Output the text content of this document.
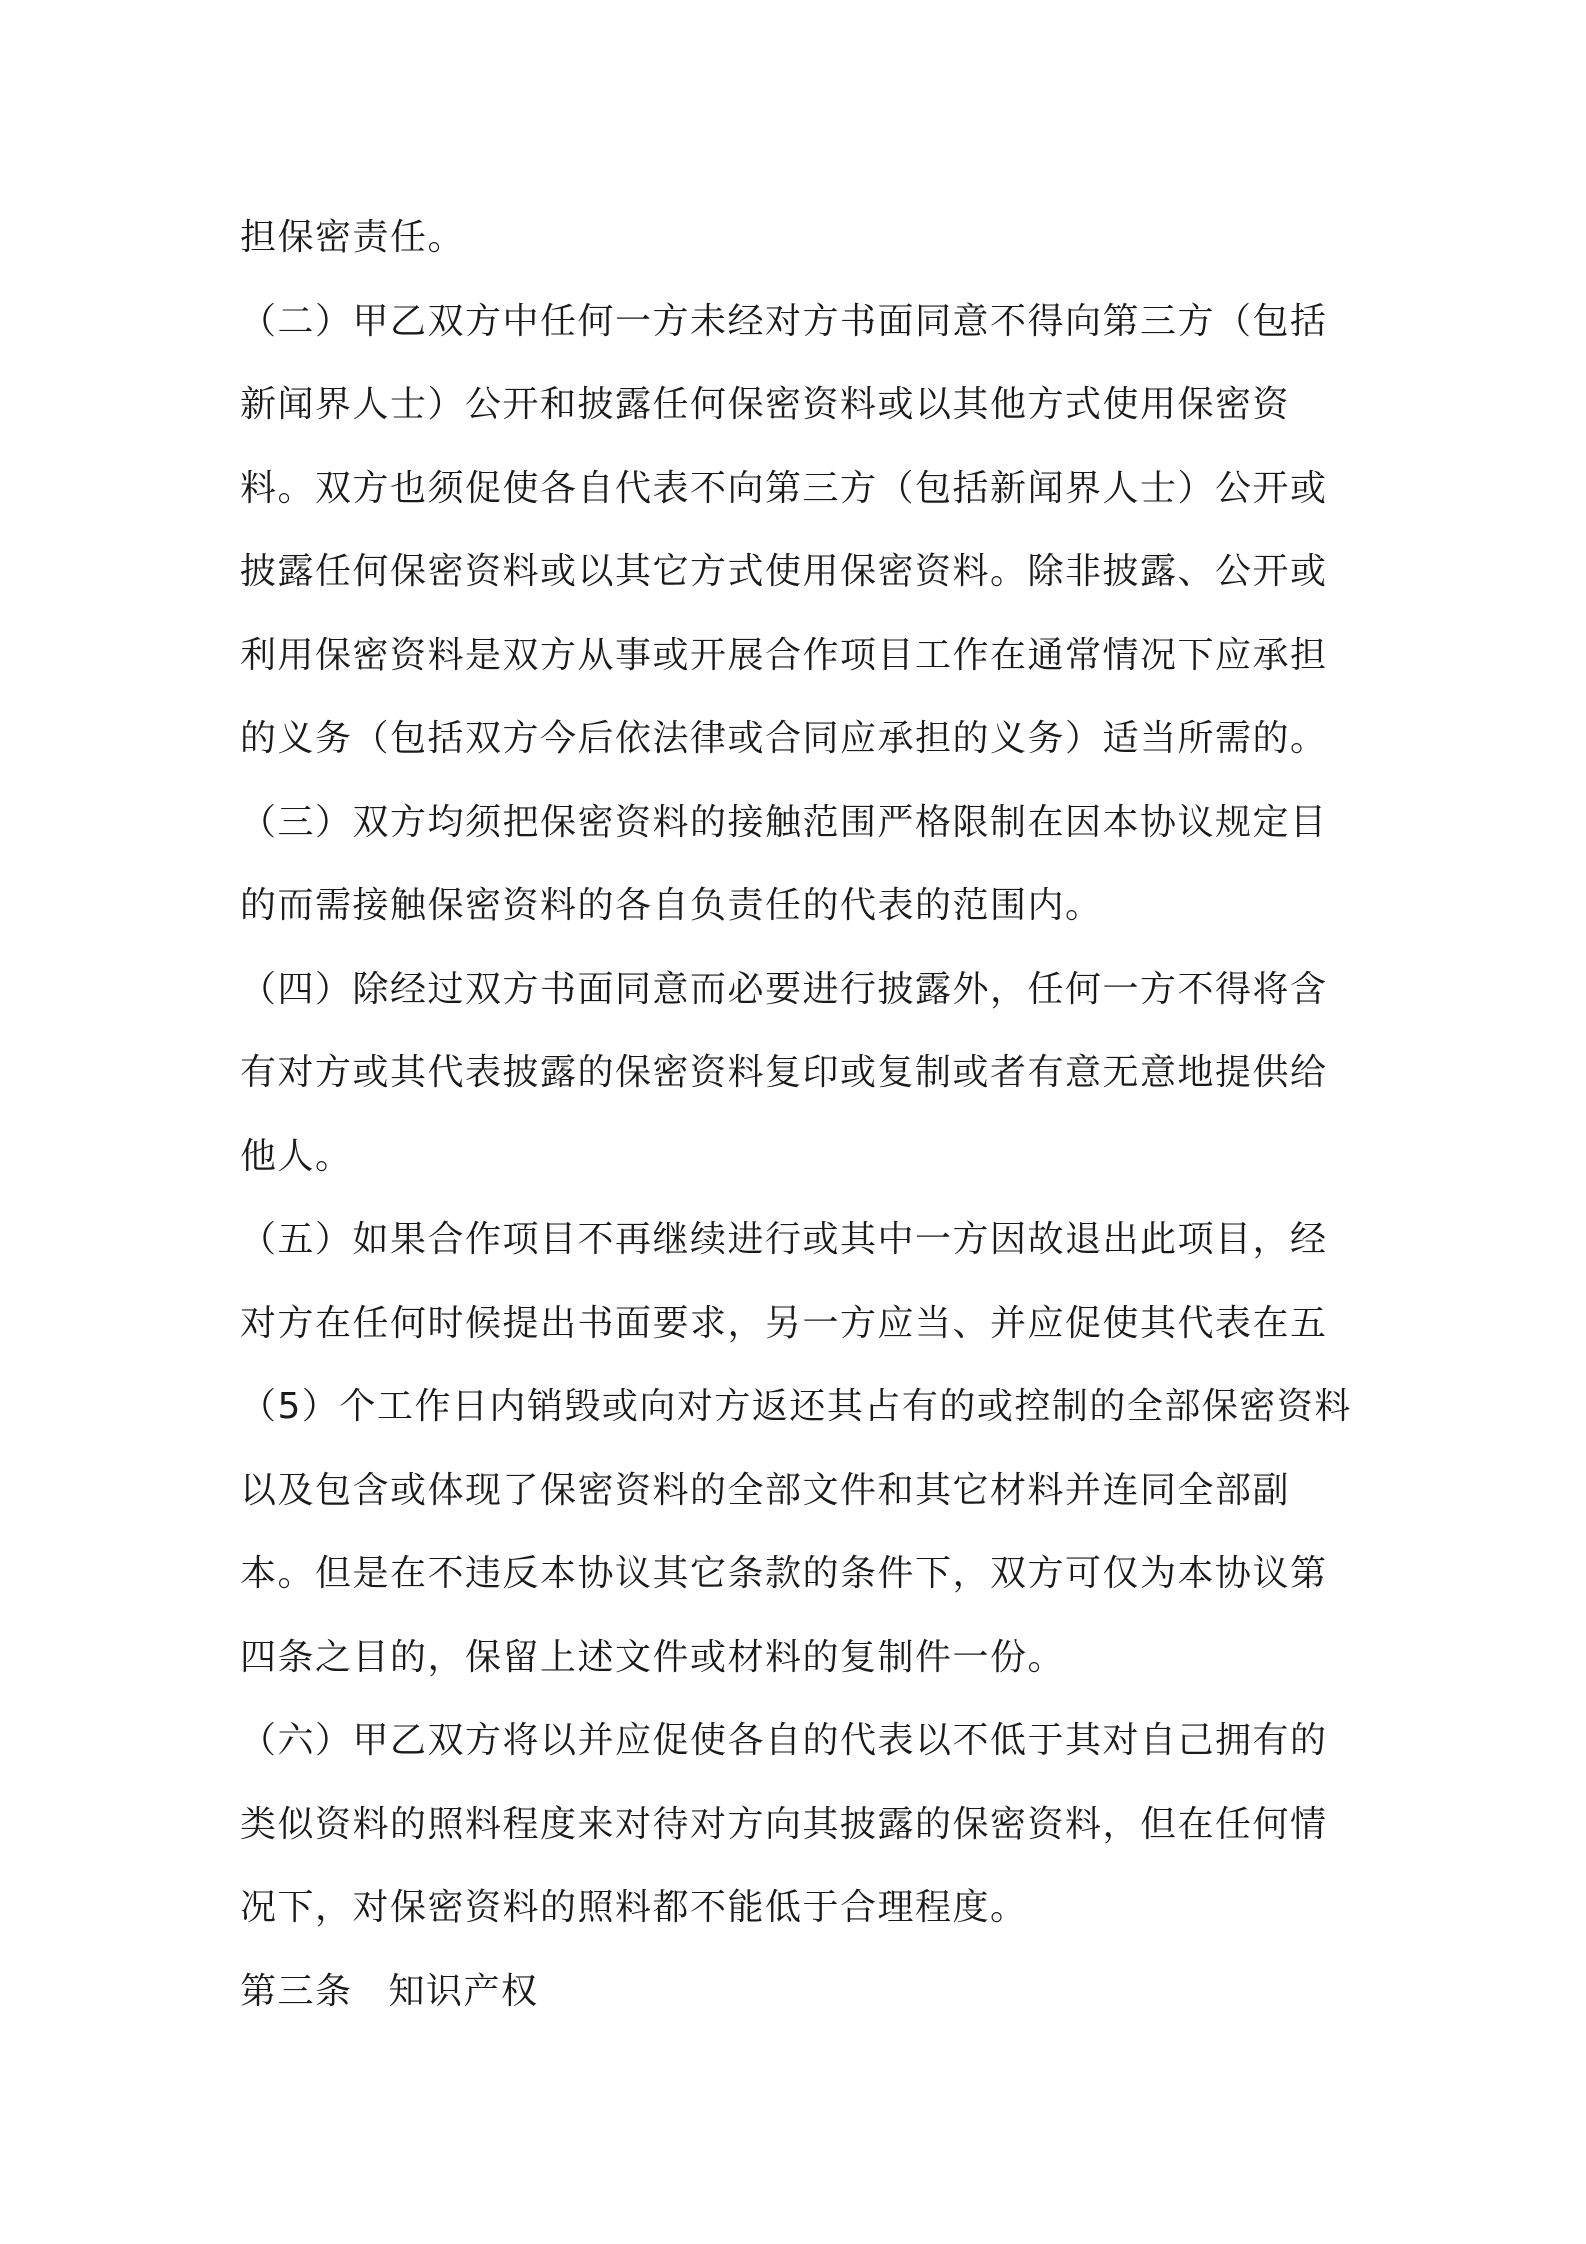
担保密责任。

（二）甲乙双方中任何一方未经对方书面同意不得向第三方（包括新闻界人士）公开和披露任何保密资料或以其他方式使用保密资料。双方也须促使各自代表不向第三方（包括新闻界人士）公开或披露任何保密资料或以其它方式使用保密资料。除非披露、公开或利用保密资料是双方从事或开展合作项目工作在通常情况下应承担的义务（包括双方今后依法律或合同应承担的义务）适当所需的。

（三）双方均须把保密资料的接触范围严格限制在因本协议规定目的而需接触保密资料的各自负责任的代表的范围内。

（四）除经过双方书面同意而必要进行披露外，任何一方不得将含有对方或其代表披露的保密资料复印或复制或者有意无意地提供给他人。

（五）如果合作项目不再继续进行或其中一方因故退出此项目，经对方在任何时候提出书面要求，另一方应当、并应促使其代表在五（5）个工作日内销毁或向对方返还其占有的或控制的全部保密资料以及包含或体现了保密资料的全部文件和其它材料并连同全部副本。但是在不违反本协议其它条款的条件下，双方可仅为本协议第四条之目的，保留上述文件或材料的复制件一份。

（六）甲乙双方将以并应促使各自的代表以不低于其对自己拥有的类似资料的照料程度来对待对方向其披露的保密资料，但在任何情况下，对保密资料的照料都不能低于合理程度。

第三条 知识产权
